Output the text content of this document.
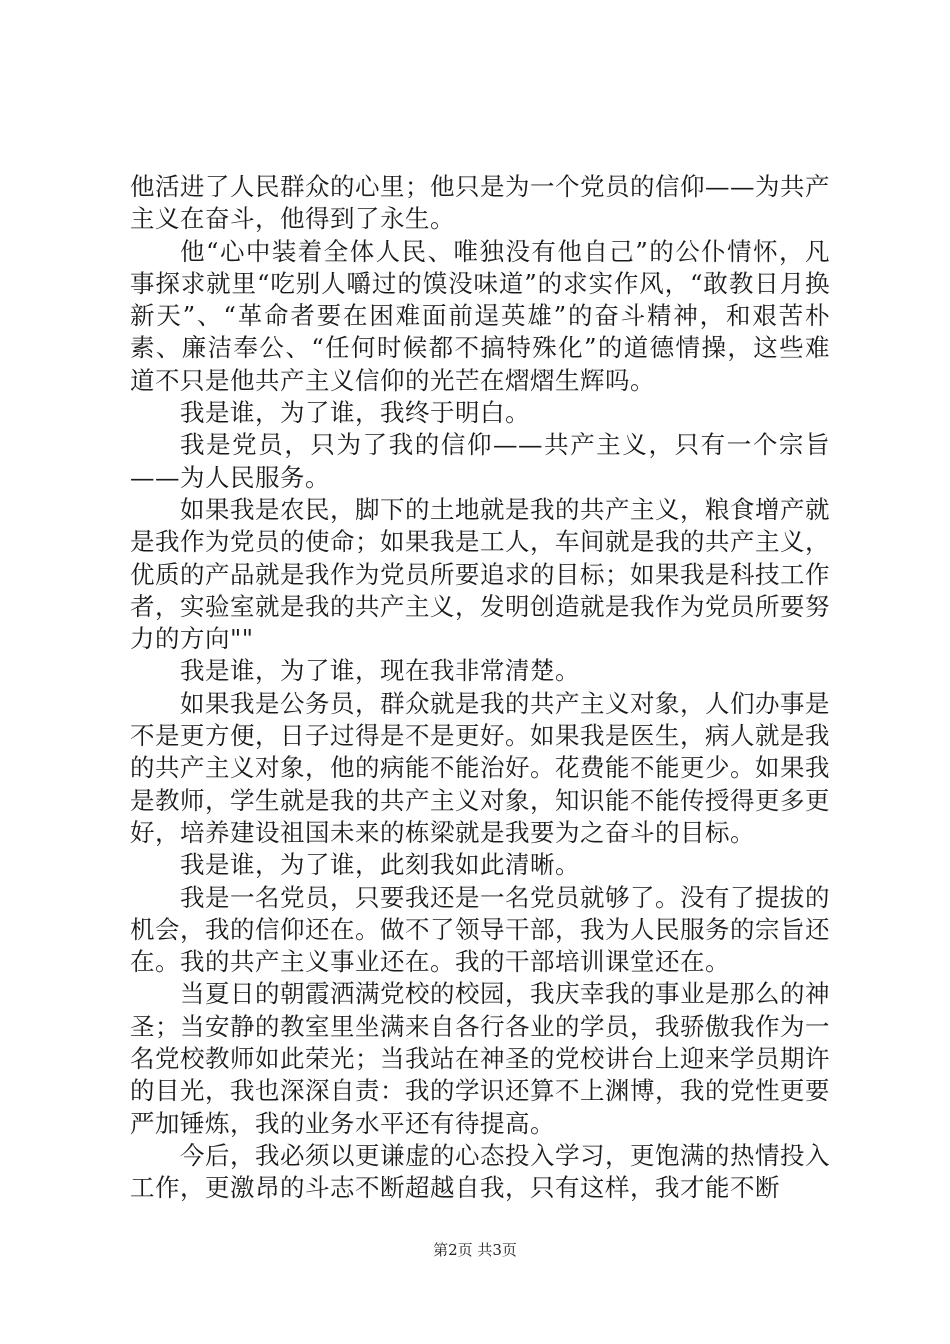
他活进了人民群众的心里；他只是为一个党员的信仰——为共产主义在奋斗，他得到了永生。

他“心中装着全体人民、唯独没有他自己”的公仆情怀，凡事探求就里“吃别人嚼过的馍没味道”的求实作风，“敢教日月换新天”、“革命者要在困难面前逞英雄”的奋斗精神，和艰苦朴素、廉洁奉公、“任何时候都不搞特殊化”的道德情操，这些难道不只是他共产主义信仰的光芒在熠熠生辉吗。

我是谁，为了谁，我终于明白。

我是党员，只为了我的信仰——共产主义，只有一个宗旨——为人民服务。

如果我是农民，脚下的土地就是我的共产主义，粮食增产就是我作为党员的使命；如果我是工人，车间就是我的共产主义，优质的产品就是我作为党员所要追求的目标；如果我是科技工作者，实验室就是我的共产主义，发明创造就是我作为党员所要努力的方向""

我是谁，为了谁，现在我非常清楚。

如果我是公务员，群众就是我的共产主义对象，人们办事是不是更方便，日子过得是不是更好。如果我是医生，病人就是我的共产主义对象，他的病能不能治好。花费能不能更少。如果我是教师，学生就是我的共产主义对象，知识能不能传授得更多更好，培养建设祖国未来的栋梁就是我要为之奋斗的目标。

我是谁，为了谁，此刻我如此清晰。

我是一名党员，只要我还是一名党员就够了。没有了提拔的机会，我的信仰还在。做不了领导干部，我为人民服务的宗旨还在。我的共产主义事业还在。我的干部培训课堂还在。

当夏日的朝霞洒满党校的校园，我庆幸我的事业是那么的神圣；当安静的教室里坐满来自各行各业的学员，我骄傲我作为一名党校教师如此荣光；当我站在神圣的党校讲台上迎来学员期许的目光，我也深深自责：我的学识还算不上渊博，我的党性更要严加锤炼，我的业务水平还有待提高。

今后，我必须以更谦虚的心态投入学习，更饱满的热情投入工作，更激昂的斗志不断超越自我，只有这样，我才能不断

第2页 共3页
